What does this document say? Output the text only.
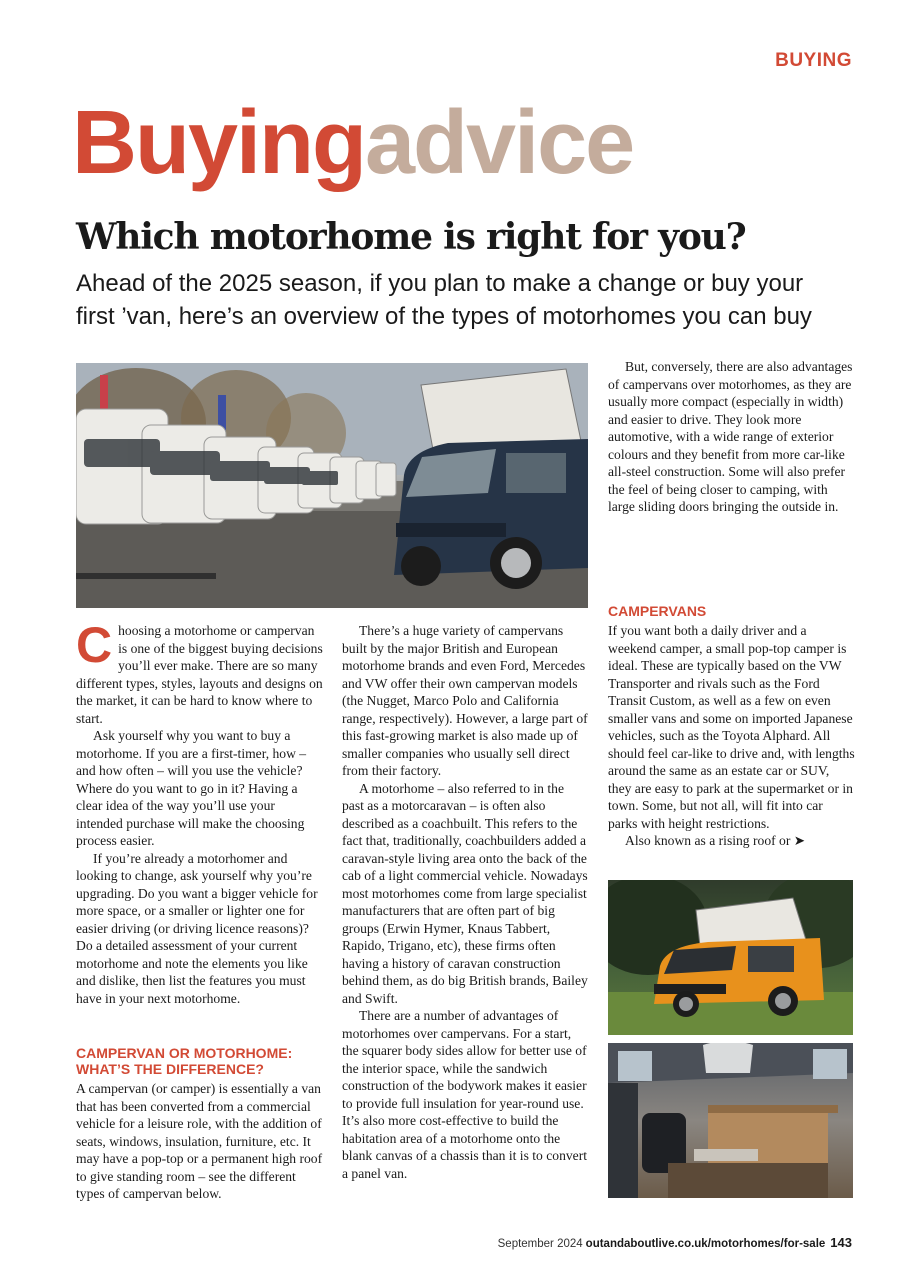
BUYING
Buyingadvice
Which motorhome is right for you?
Ahead of the 2025 season, if you plan to make a change or buy your first ’van, here’s an overview of the types of motorhomes you can buy

Choosing a motorhome or campervan is one of the biggest buying decisions you’ll ever make. There are so many different types, styles, layouts and designs on the market, it can be hard to know where to start.

Ask yourself why you want to buy a motorhome. If you are a first-timer, how – and how often – will you use the vehicle? Where do you want to go in it? Having a clear idea of the way you’ll use your intended purchase will make the choosing process easier.

If you’re already a motorhomer and looking to change, ask yourself why you’re upgrading. Do you want a bigger vehicle for more space, or a smaller or lighter one for easier driving (or driving licence reasons)? Do a detailed assessment of your current motorhome and note the elements you like and dislike, then list the features you must have in your next motorhome.

CAMPERVAN OR MOTORHOME: WHAT’S THE DIFFERENCE?

A campervan (or camper) is essentially a van that has been converted from a commercial vehicle for a leisure role, with the addition of seats, windows, insulation, furniture, etc. It may have a pop-top or a permanent high roof to give standing room – see the different types of campervan below.

There’s a huge variety of campervans built by the major British and European motorhome brands and even Ford, Mercedes and VW offer their own campervan models (the Nugget, Marco Polo and California range, respectively). However, a large part of this fast-growing market is also made up of smaller companies who usually sell direct from their factory.

A motorhome – also referred to in the past as a motorcaravan – is often also described as a coachbuilt. This refers to the fact that, traditionally, coachbuilders added a caravan-style living area onto the back of the cab of a light commercial vehicle. Nowadays most motorhomes come from large specialist manufacturers that are often part of big groups (Erwin Hymer, Knaus Tabbert, Rapido, Trigano, etc), these firms often having a history of caravan construction behind them, as do big British brands, Bailey and Swift.

There are a number of advantages of motorhomes over campervans. For a start, the squarer body sides allow for better use of the interior space, while the sandwich construction of the bodywork makes it easier to provide full insulation for year-round use. It’s also more cost-effective to build the habitation area of a motorhome onto the blank canvas of a chassis than it is to convert a panel van.

But, conversely, there are also advantages of campervans over motorhomes, as they are usually more compact (especially in width) and easier to drive. They look more automotive, with a wide range of exterior colours and they benefit from more car-like all-steel construction. Some will also prefer the feel of being closer to camping, with large sliding doors bringing the outside in.

CAMPERVANS

If you want both a daily driver and a weekend camper, a small pop-top camper is ideal. These are typically based on the VW Transporter and rivals such as the Ford Transit Custom, as well as a few on even smaller vans and some on imported Japanese vehicles, such as the Toyota Alphard. All should feel car-like to drive and, with lengths around the same as an estate car or SUV, they are easy to park at the supermarket or in town. Some, but not all, will fit into car parks with height restrictions.

Also known as a rising roof or ➤

September 2024 outandaboutlive.co.uk/motorhomes/for-sale 143
